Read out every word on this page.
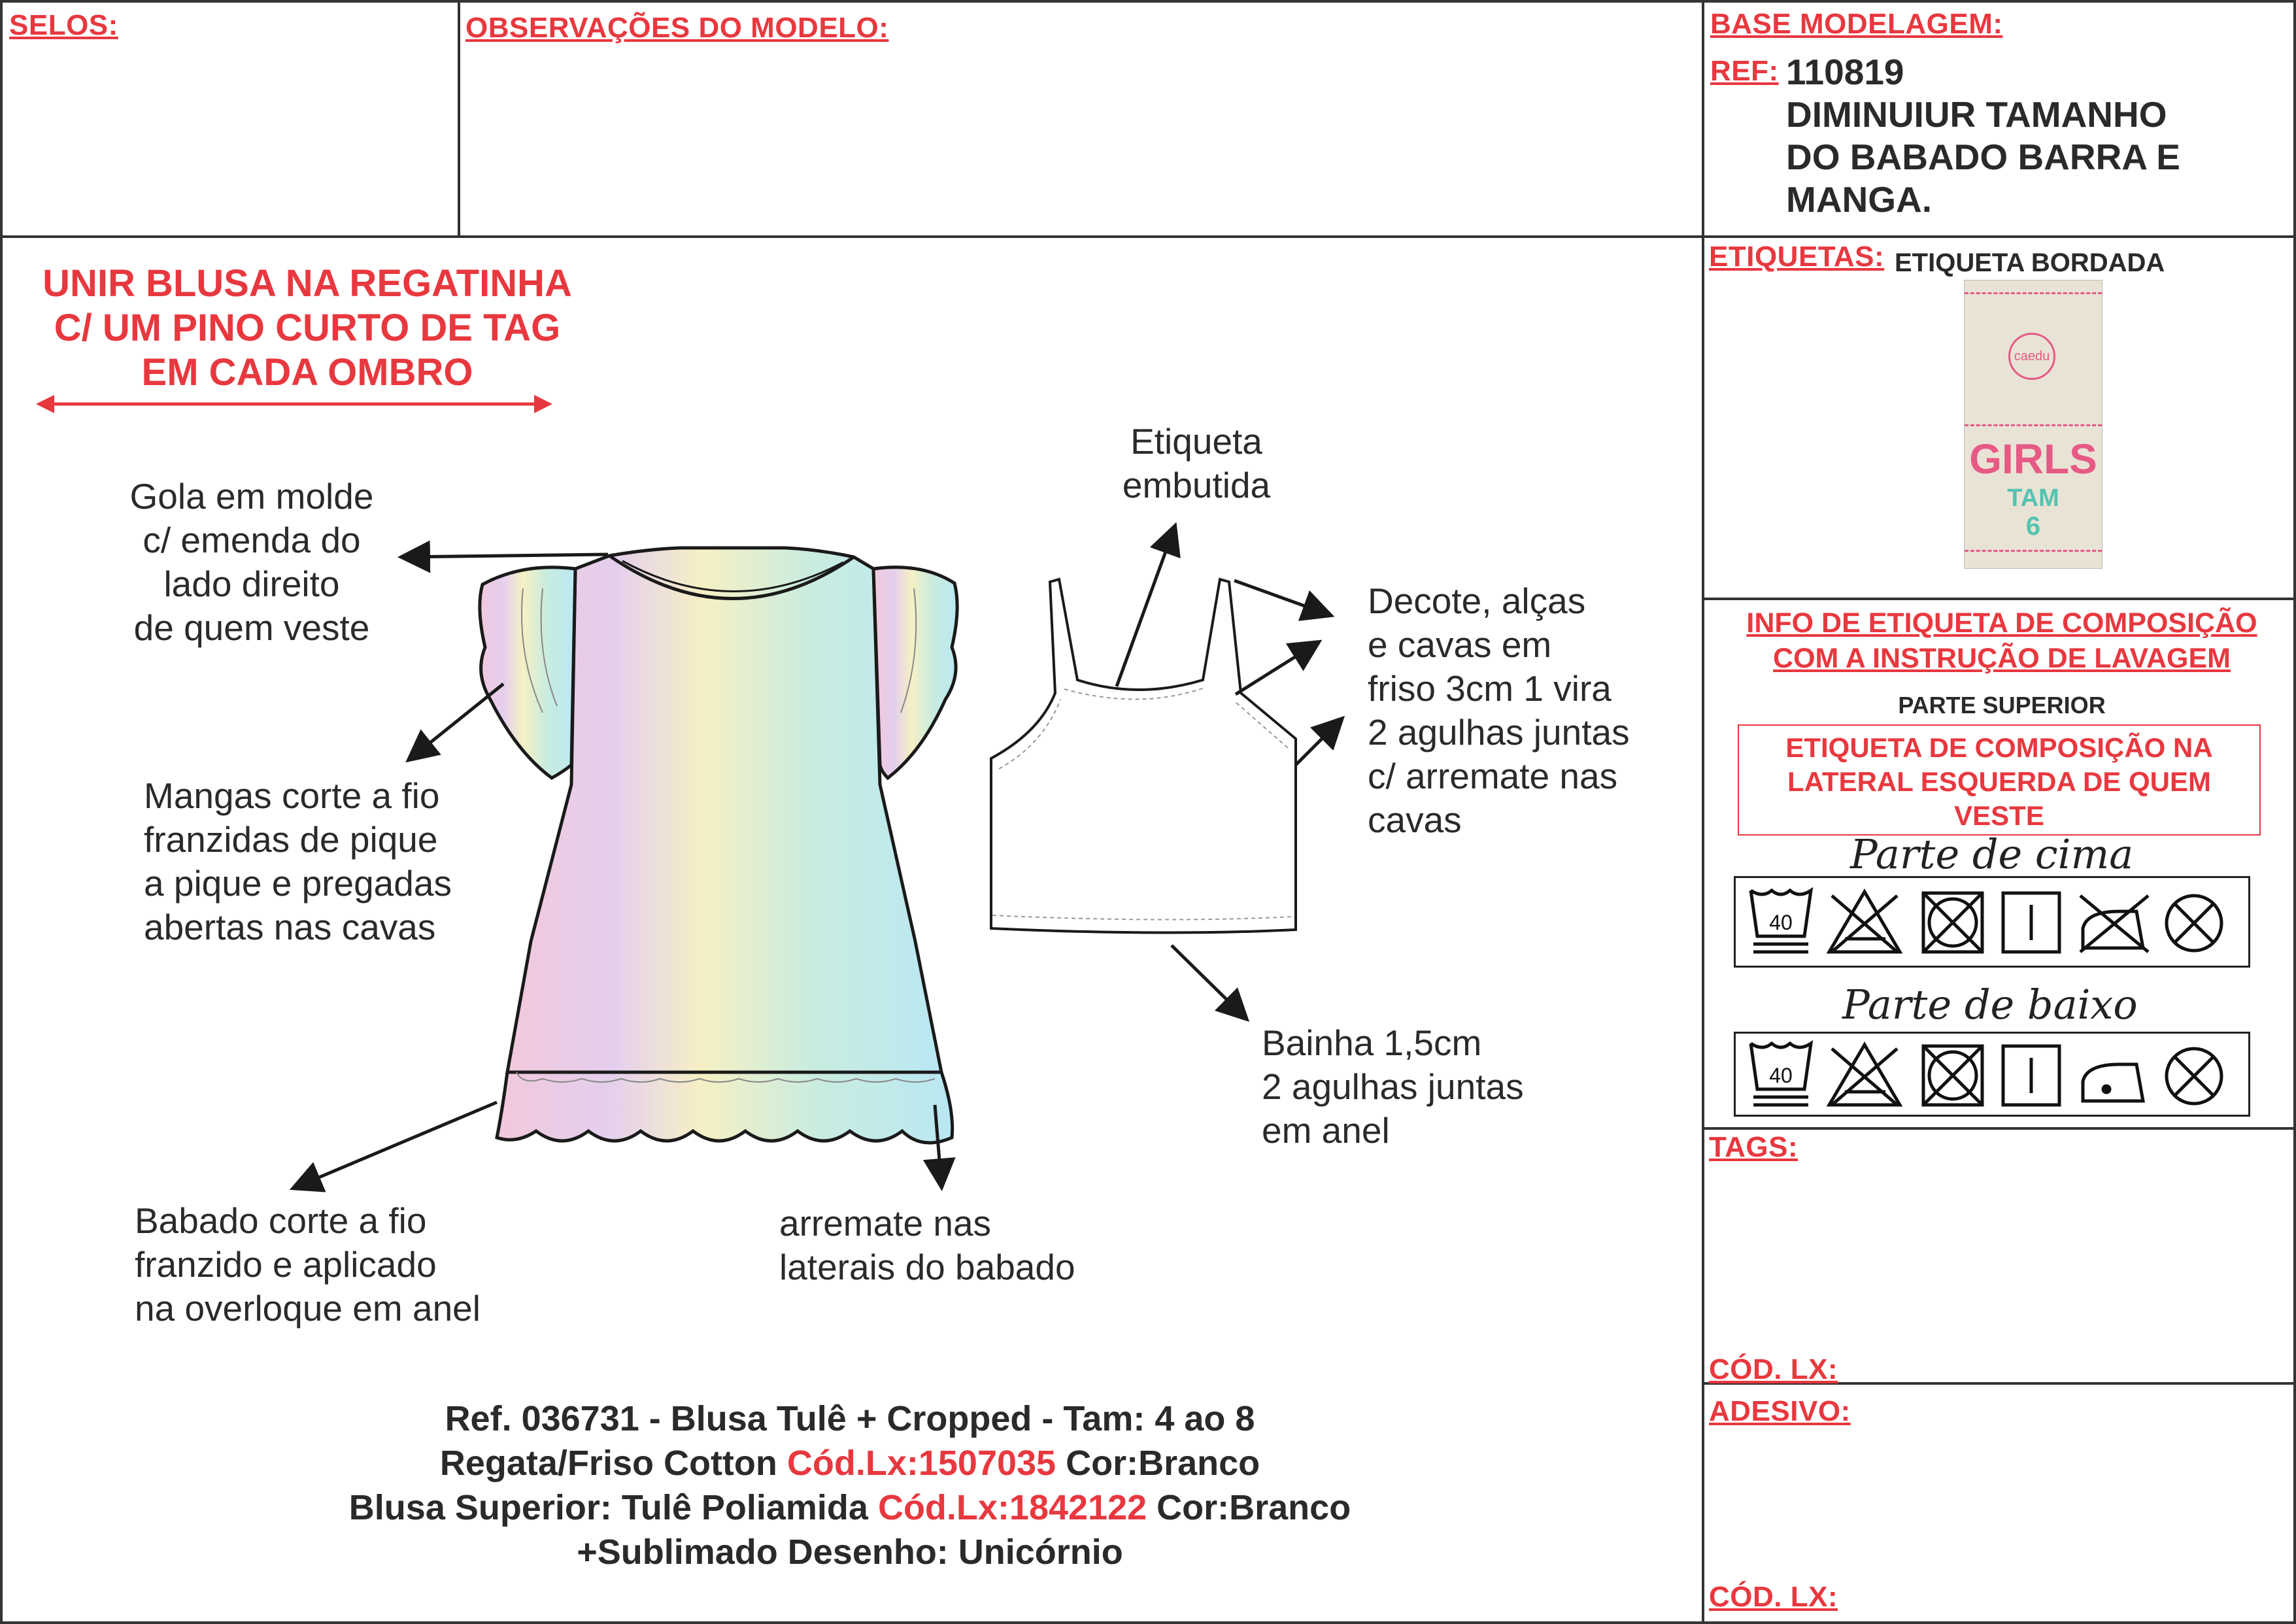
SELOS:	OBSERVAÇÕES DO MODELO:	BASE MODELAGEM:
REF: 110819
DIMINUIUR TAMANHO
DO BABADO BARRA E
MANGA.
UNIR BLUSA NA REGATINHA
C/ UM PINO CURTO DE TAG
EM CADA OMBRO
Gola em molde
c/ emenda do
lado direito
de quem veste
Mangas corte a fio
franzidas de pique
a pique e pregadas
abertas nas cavas
Babado corte a fio
franzido e aplicado
na overloque em anel
arremate nas
laterais do babado
Etiqueta
embutida
Decote, alças
e cavas em
friso 3cm 1 vira
2 agulhas juntas
c/ arremate nas
cavas
Bainha 1,5cm
2 agulhas juntas
em anel
Ref. 036731 - Blusa Tulê + Cropped - Tam: 4 ao 8
Regata/Friso Cotton Cód.Lx:1507035 Cor:Branco
Blusa Superior: Tulê Poliamida Cód.Lx:1842122 Cor:Branco
+Sublimado Desenho: Unicórnio
ETIQUETAS: ETIQUETA BORDADA
caedu
GIRLS
TAM
6
INFO DE ETIQUETA DE COMPOSIÇÃO
COM A INSTRUÇÃO DE LAVAGEM
PARTE SUPERIOR
ETIQUETA DE COMPOSIÇÃO NA
LATERAL ESQUERDA DE QUEM
VESTE
Parte de cima
Parte de baixo
40
40
TAGS:
CÓD. LX:
ADESIVO:
CÓD. LX:
